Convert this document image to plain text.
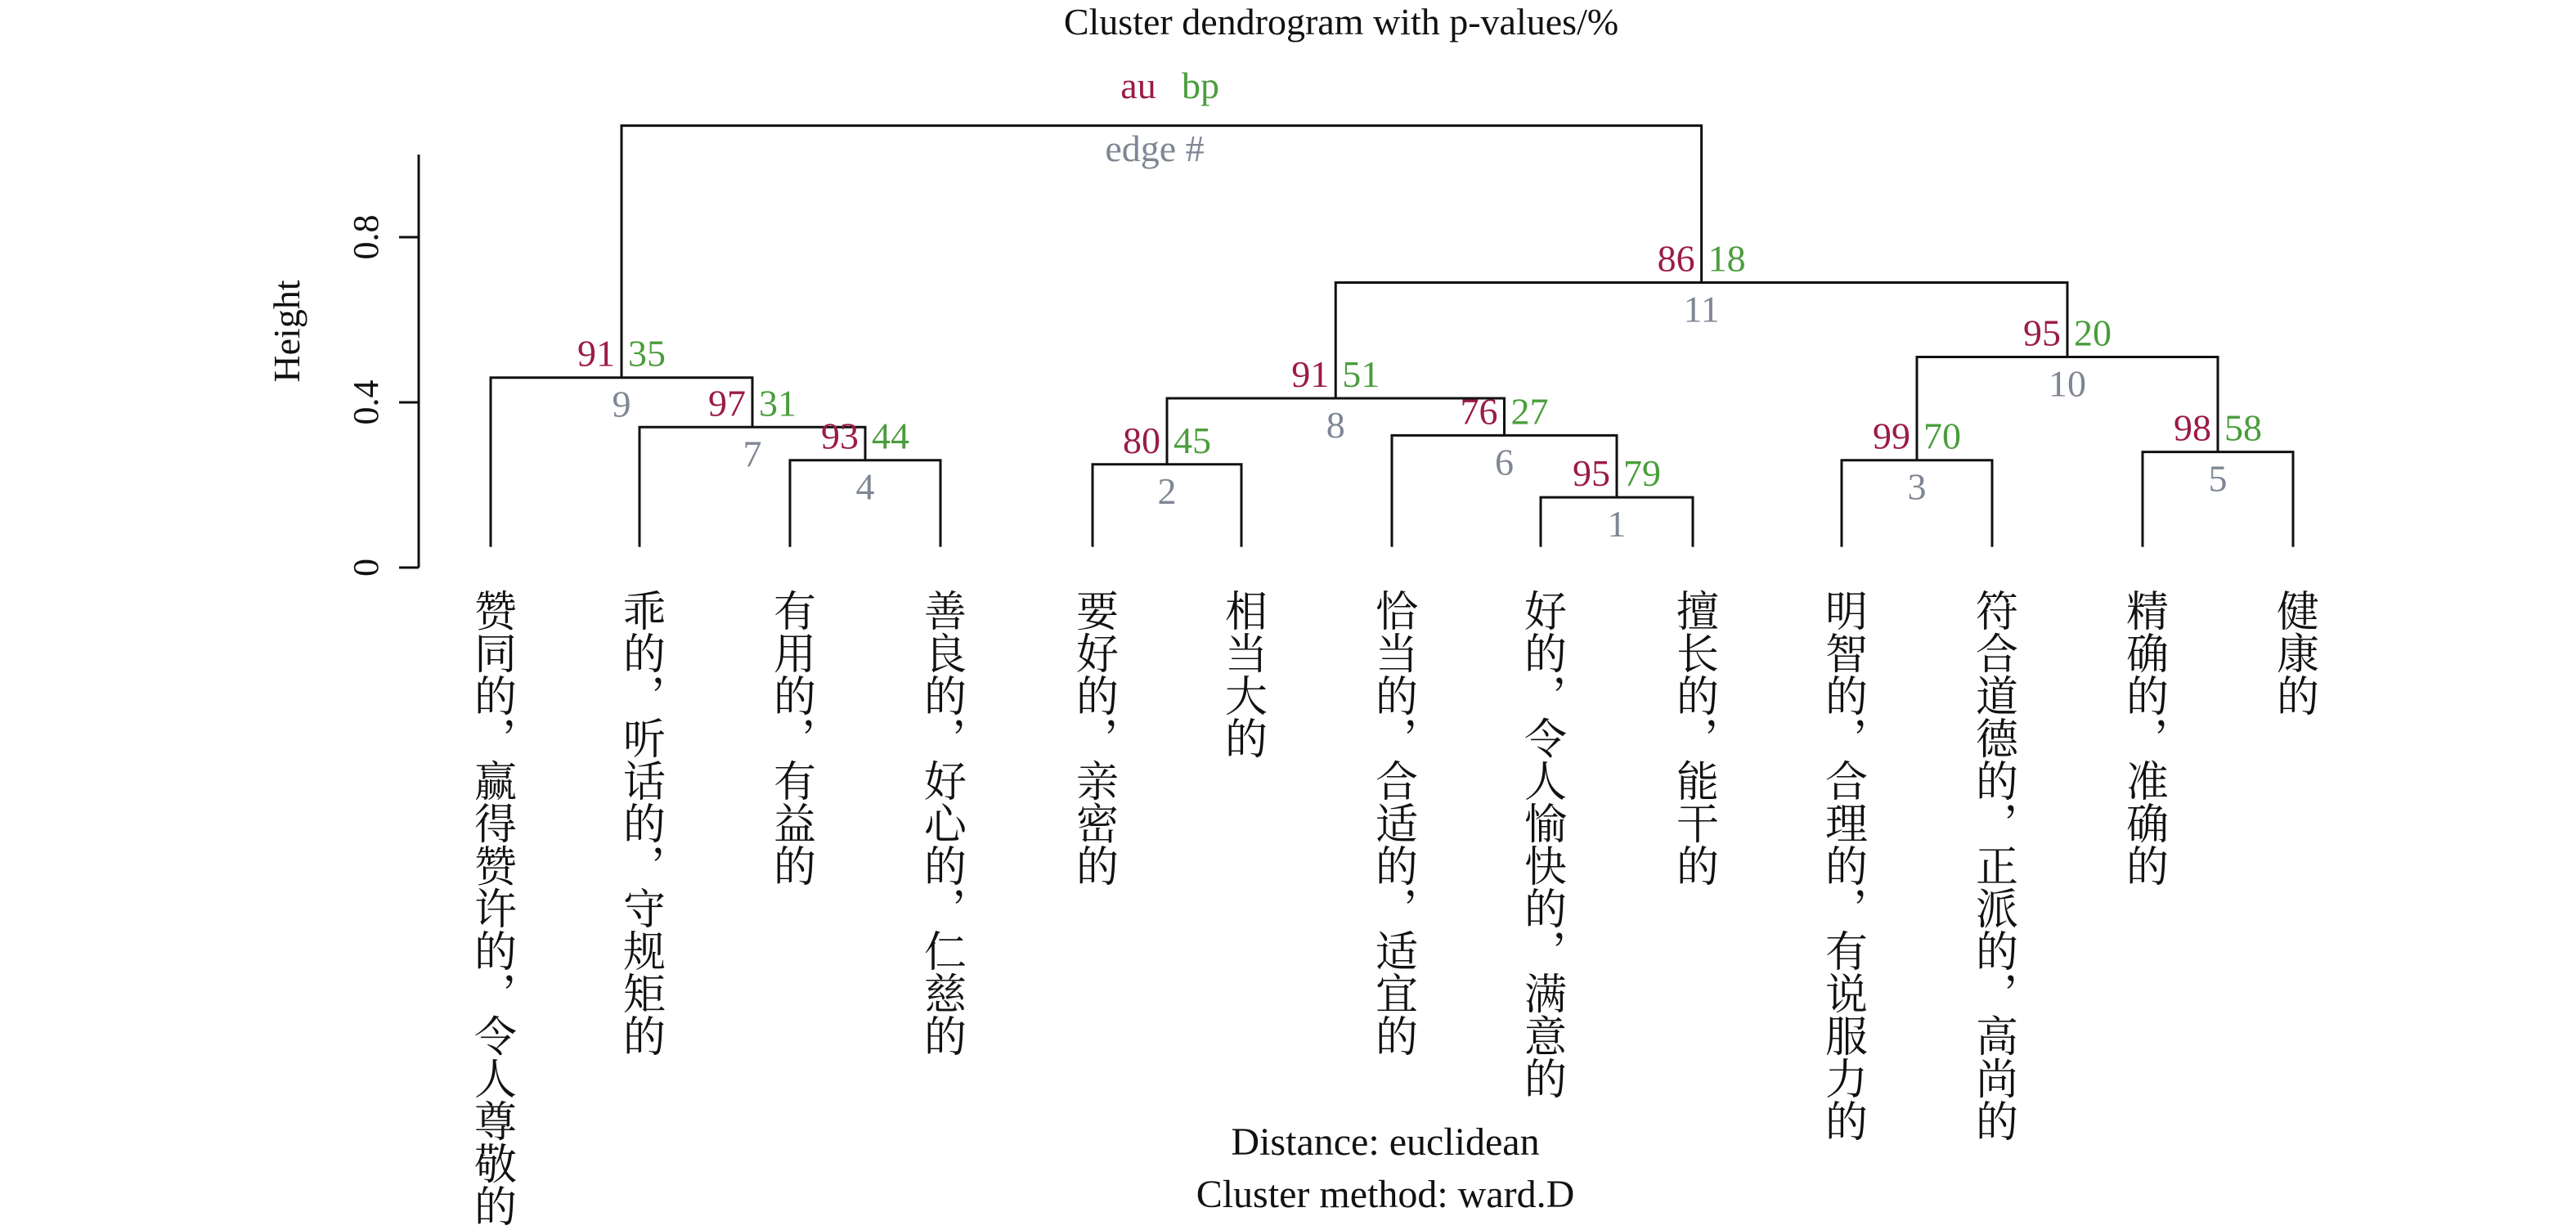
Cluster dendrogram with p-values/%
Height
au bp
edge #
Distance: euclidean
Cluster method: ward.D
0
0.4
0.8
95 79
1
80 45
2
99 70
3
93 44
4
98 58
5
76 27
6
97 31
7
91 51
8
91 35
9
95 20
10
86 18
11
赞同的，赢得赞许的，令人尊敬的 乖的，听话的，守规矩的 有用的，有益的 善良的，好心的，仁慈的 要好的，亲密的 相当大的 恰当的，合适的，适宜的 好的，令人愉快的，满意的 擅长的，能干的 明智的，合理的，有说服力的 符合道德的，正派的，高尚的 精确的，准确的 健康的
